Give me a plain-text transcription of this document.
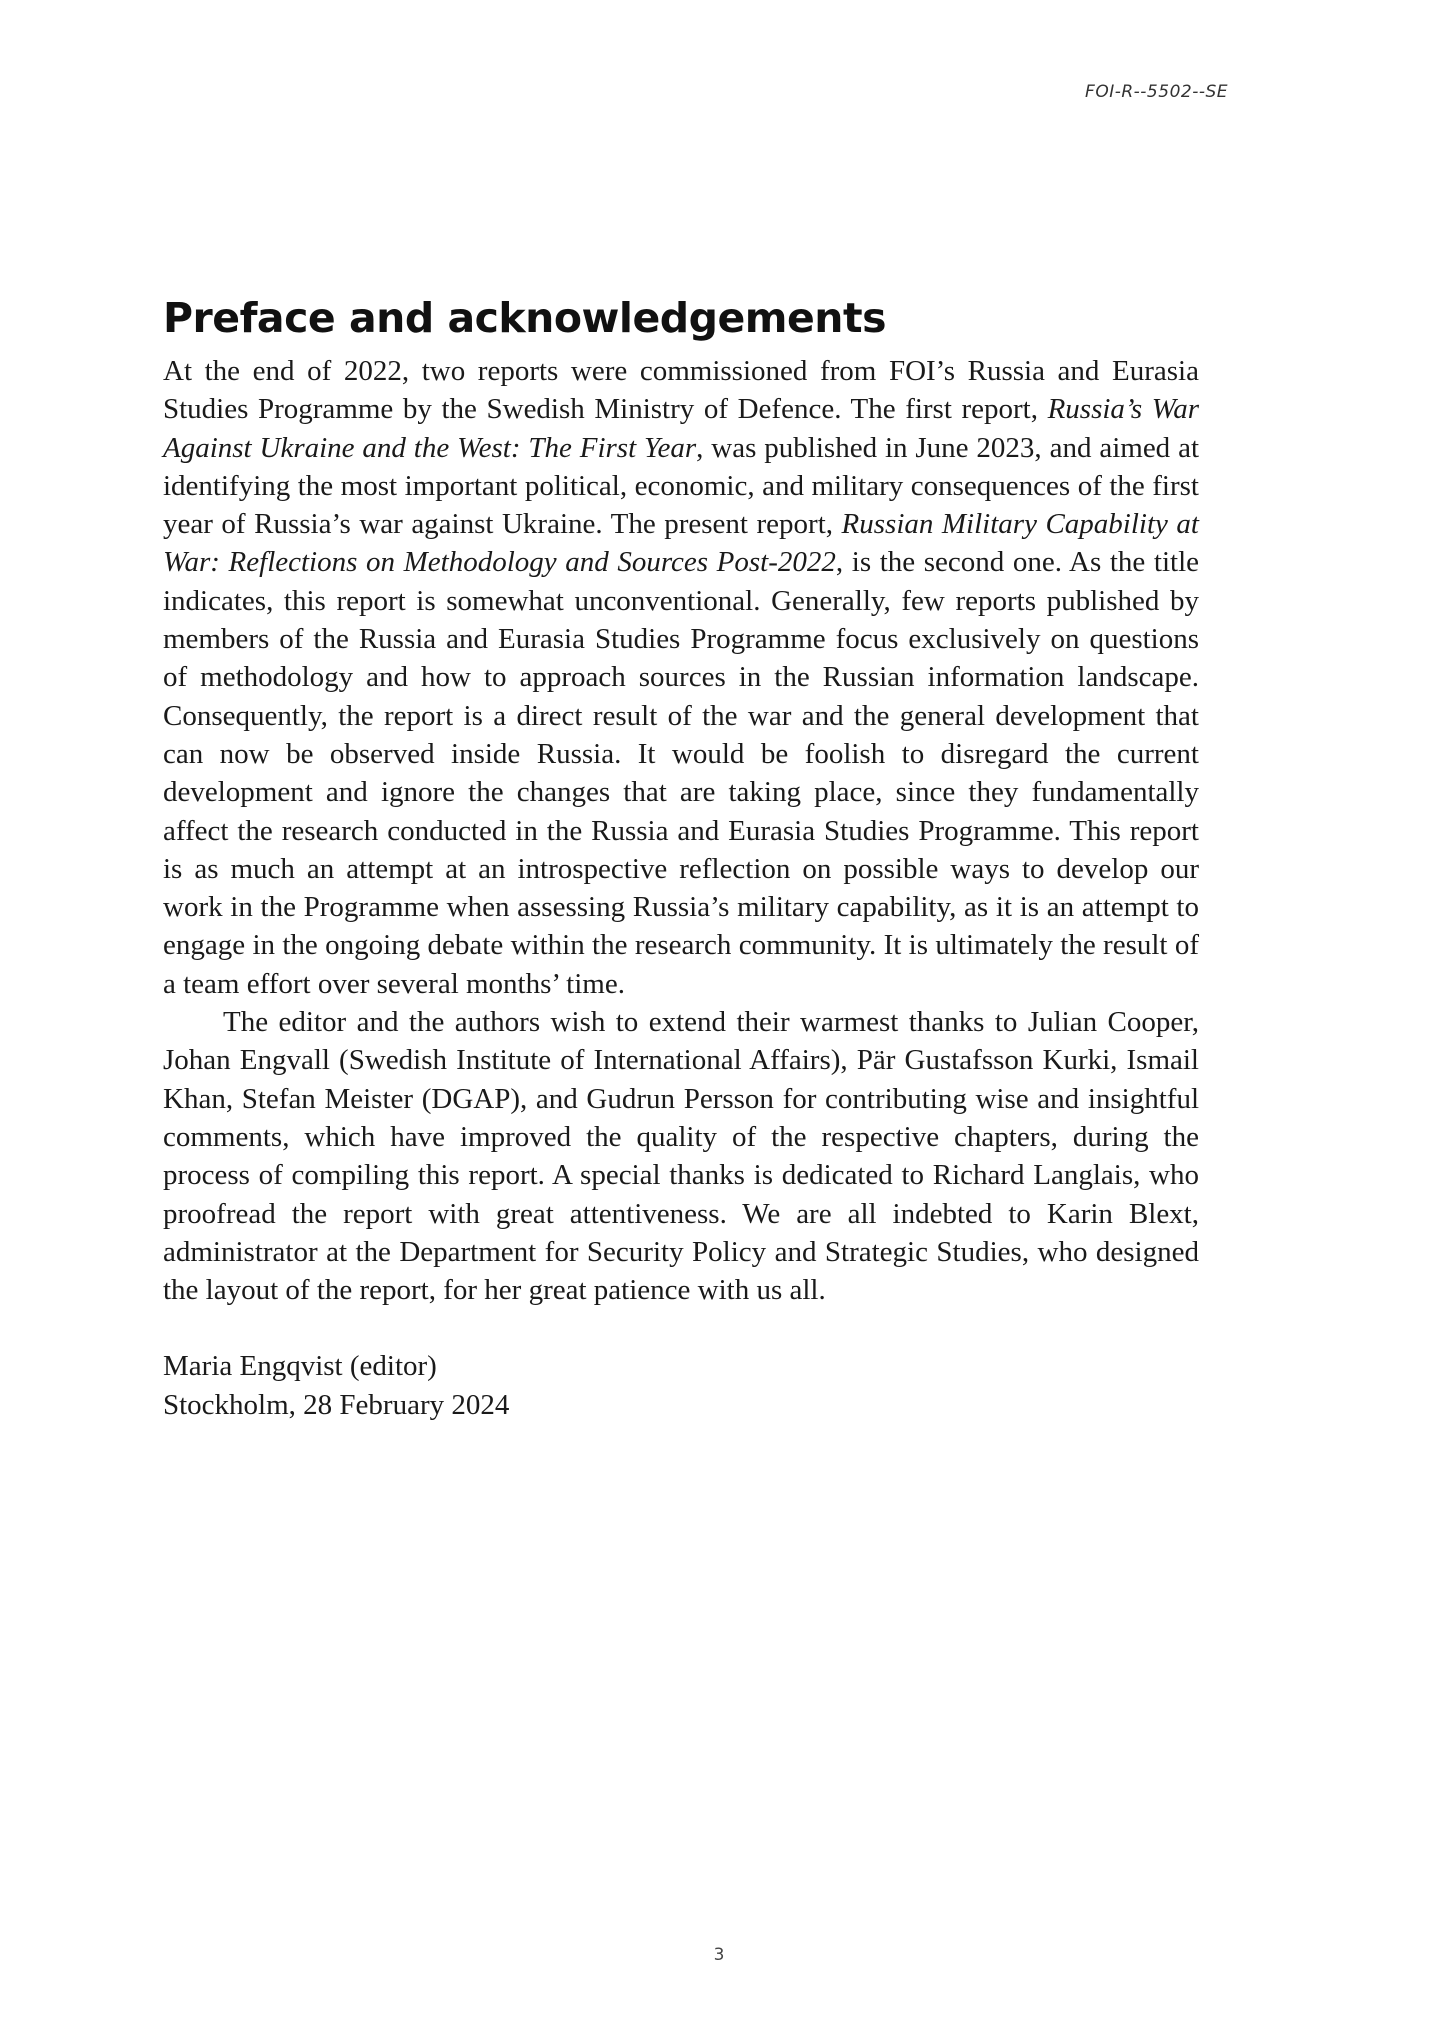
FOI-R--5502--SE
Preface and acknowledgements

At the end of 2022, two reports were commissioned from FOI’s Russia and Eurasia Studies Programme by the Swedish Ministry of Defence. The first report, Russia’s War Against Ukraine and the West: The First Year, was published in June 2023, and aimed at identifying the most important political, economic, and military consequences of the first year of Russia’s war against Ukraine. The present report, Russian Military Capability at War: Reflections on Methodology and Sources Post-2022, is the second one. As the title indicates, this report is somewhat unconventional. Generally, few reports published by members of the Russia and Eurasia Studies Programme focus exclusively on questions of methodology and how to approach sources in the Russian information landscape. Consequently, the report is a direct result of the war and the general development that can now be observed inside Russia. It would be foolish to disregard the current development and ignore the changes that are taking place, since they fundamentally affect the research conducted in the Russia and Eurasia Studies Programme. This report is as much an attempt at an introspective reflection on possible ways to develop our work in the Programme when assessing Russia’s military capability, as it is an attempt to engage in the ongoing debate within the research community. It is ultimately the result of a team effort over several months’ time.

The editor and the authors wish to extend their warmest thanks to Julian Cooper, Johan Engvall (Swedish Institute of International Affairs), Pär Gustafsson Kurki, Ismail Khan, Stefan Meister (DGAP), and Gudrun Persson for contributing wise and insightful comments, which have improved the quality of the respective chapters, during the process of compiling this report. A special thanks is dedicated to Richard Langlais, who proofread the report with great attentiveness. We are all indebted to Karin Blext, administrator at the Department for Security Policy and Strategic Studies, who designed the layout of the report, for her great patience with us all.

Maria Engqvist (editor)
Stockholm, 28 February 2024
3
